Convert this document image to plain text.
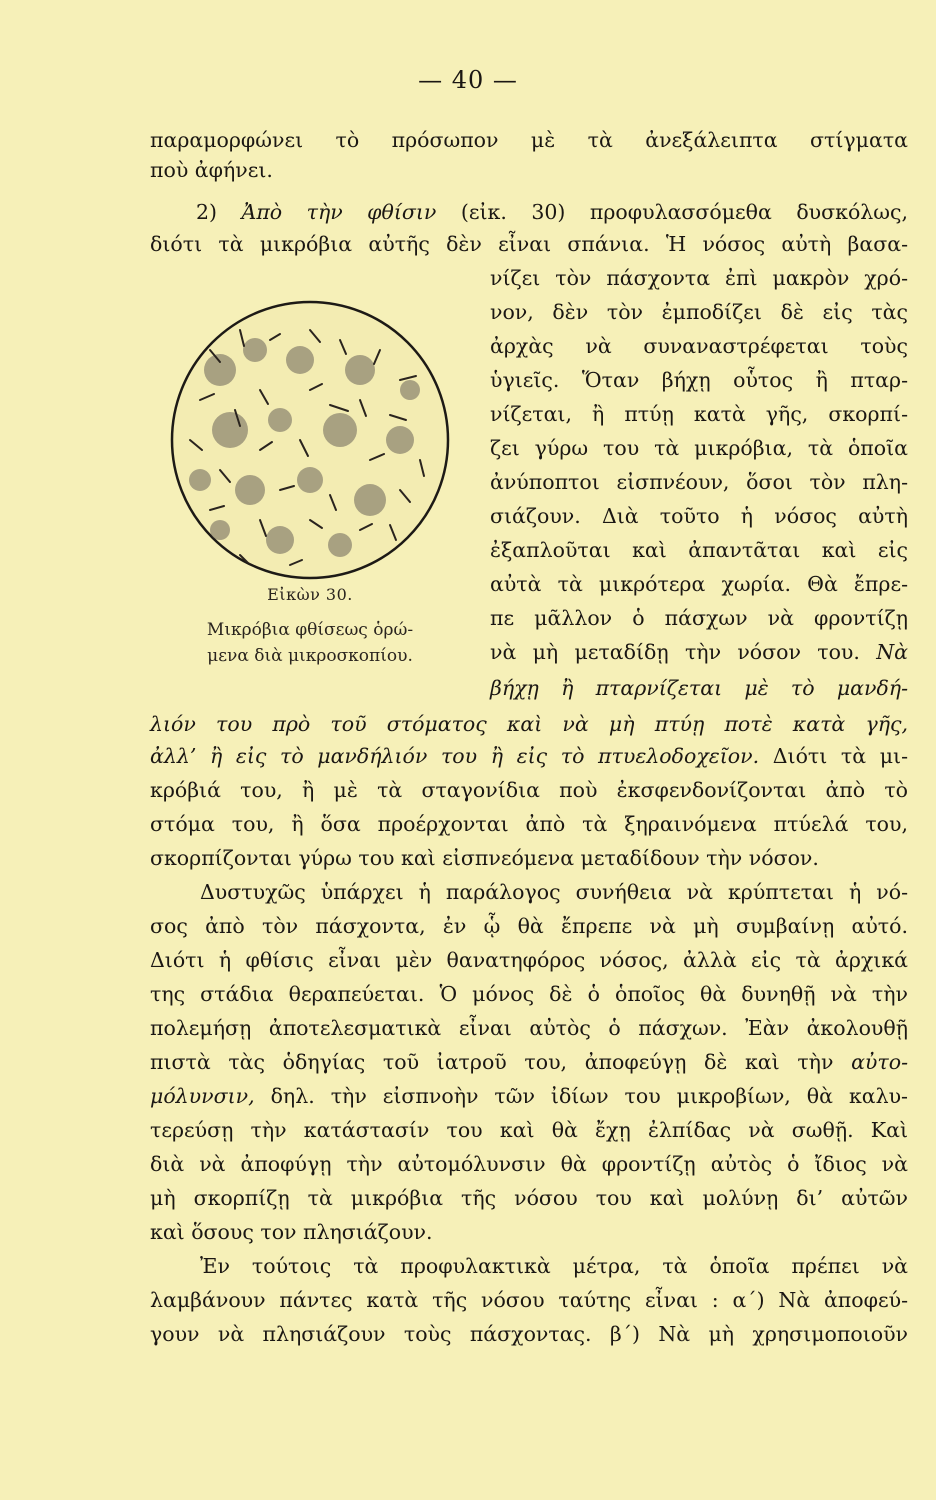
— 40 —
παραμορφώνει τὸ πρόσωπον μὲ τὰ ἀνεξάλειπτα στίγματα
ποὺ ἀφήνει.
2) Ἀπὸ τὴν φθίσιν (εἰκ. 30) προφυλασσόμεθα δυσκόλως,
διότι τὰ μικρόβια αὐτῆς δὲν εἶναι σπάνια. Ἡ νόσος αὐτὴ βασα-
νίζει τὸν πάσχοντα ἐπὶ μακρὸν χρό-
νον, δὲν τὸν ἐμποδίζει δὲ εἰς τὰς
ἀρχὰς νὰ συναναστρέφεται τοὺς
ὑγιεῖς. Ὅταν βήχῃ οὗτος ἢ πταρ-
νίζεται, ἢ πτύῃ κατὰ γῆς, σκορπί-
ζει γύρω του τὰ μικρόβια, τὰ ὁποῖα
ἀνύποπτοι εἰσπνέουν, ὅσοι τὸν πλη-
σιάζουν. Διὰ τοῦτο ἡ νόσος αὐτὴ
ἐξαπλοῦται καὶ ἀπαντᾶται καὶ εἰς
αὐτὰ τὰ μικρότερα χωρία. Θὰ ἔπρε-
πε μᾶλλον ὁ πάσχων νὰ φροντίζῃ
νὰ μὴ μεταδίδῃ τὴν νόσον του. Νὰ
βήχῃ ἢ πταρνίζεται μὲ τὸ μανδή-
λιόν του πρὸ τοῦ στόματος καὶ νὰ μὴ πτύῃ ποτὲ κατὰ γῆς,
ἀλλ’ ἢ εἰς τὸ μανδήλιόν του ἢ εἰς τὸ πτυελοδοχεῖον. Διότι τὰ μι-
κρόβιά του, ἢ μὲ τὰ σταγονίδια ποὺ ἐκσφενδονίζονται ἀπὸ τὸ
στόμα του, ἢ ὅσα προέρχονται ἀπὸ τὰ ξηραινόμενα πτύελά του,
σκορπίζονται γύρω του καὶ εἰσπνεόμενα μεταδίδουν τὴν νόσον.
Δυστυχῶς ὑπάρχει ἡ παράλογος συνήθεια νὰ κρύπτεται ἡ νό-
σος ἀπὸ τὸν πάσχοντα, ἐν ᾧ θὰ ἔπρεπε νὰ μὴ συμβαίνῃ αὐτό.
Διότι ἡ φθίσις εἶναι μὲν θανατηφόρος νόσος, ἀλλὰ εἰς τὰ ἀρχικά
της στάδια θεραπεύεται. Ὁ μόνος δὲ ὁ ὁποῖος θὰ δυνηθῇ νὰ τὴν
πολεμήσῃ ἀποτελεσματικὰ εἶναι αὐτὸς ὁ πάσχων. Ἐὰν ἀκολουθῇ
πιστὰ τὰς ὁδηγίας τοῦ ἰατροῦ του, ἀποφεύγῃ δὲ καὶ τὴν αὐτο-
μόλυνσιν, δηλ. τὴν εἰσπνοὴν τῶν ἰδίων του μικροβίων, θὰ καλυ-
τερεύσῃ τὴν κατάστασίν του καὶ θὰ ἔχῃ ἐλπίδας νὰ σωθῇ. Καὶ
διὰ νὰ ἀποφύγῃ τὴν αὐτομόλυνσιν θὰ φροντίζῃ αὐτὸς ὁ ἴδιος νὰ
μὴ σκορπίζῃ τὰ μικρόβια τῆς νόσου του καὶ μολύνῃ δι’ αὐτῶν
καὶ ὅσους τον πλησιάζουν.
Ἐν τούτοις τὰ προφυλακτικὰ μέτρα, τὰ ὁποῖα πρέπει νὰ
λαμβάνουν πάντες κατὰ τῆς νόσου ταύτης εἶναι : α΄) Νὰ ἀποφεύ-
γουν νὰ πλησιάζουν τοὺς πάσχοντας. β΄) Νὰ μὴ χρησιμοποιοῦν
Εἰκὼν 30.
Μικρόβια φθίσεως ὁρώ-
μενα διὰ μικροσκοπίου.
